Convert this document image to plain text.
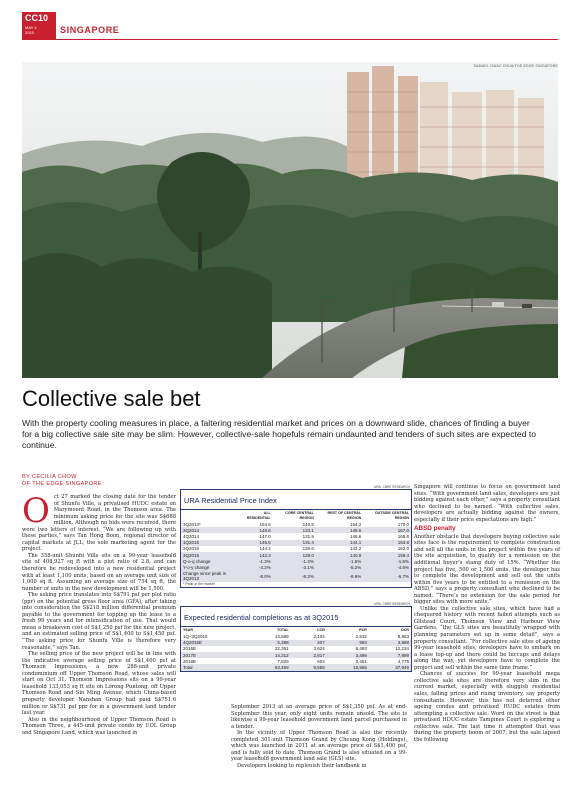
CC10
MAY 4
2015	SINGAPORE
SAMUEL ISAAC CHUA/THE EDGE SINGAPORE
Collective sale bet

With the property cooling measures in place, a faltering residential market and prices on a downward slide, chances of finding a buyer for a big collective sale site may be slim. However, collective-sale hopefuls remain undaunted and tenders of such sites are expected to continue.

BY CECILIA CHOW
OF THE EDGE SINGAPORE
O ct 27 marked the closing date for the tender of Shunfu Ville, a privatised HUDC estate on Marymount Road, in the Thomson area. The minimum asking price for the site was S$688 million. Although no bids were received, there were two letters of interest. “We are following up with these parties,” says Tan Hong Boon, regional director of capital markets at JLL, the sole marketing agent for the project.

The 358-unit Shunfu Ville sits on a 99-year leasehold site of 408,927 sq ft with a plot ratio of 2.8, and can therefore be redeveloped into a new residential project with at least 1,100 units, based on an average unit size of 1,000 sq ft. Assuming an average size of 754 sq ft, the number of units in the new development will be 1,500.

The asking price translates into S$791 psf per plot ratio (ppr) on the potential gross floor area (GFA), after taking into consideration the S$218 million differential premium payable to the government for topping up the lease to a fresh 99 years and for intensification of use. That would mean a breakeven cost of S$1,250 psf for the new project, and an estimated selling price of S$1,400 to S$1,450 psf. “The asking price for Shunfu Ville is therefore very reasonable,” says Tan.

The selling price of the new project will be in line with the indicative average selling price of S$1,400 psf at Thomson Impressions, a new 288-unit private condominium off Upper Thomson Road, whose sales will start on Oct 31. Thomson Impressions sits on a 99-year leasehold 133,053 sq ft site on Lorong Puntong, off Upper Thomson Road and Sin Ming Avenue, which China-based property developer Nanshan Group had paid S$751.6 million or S$731 psf ppr for in a government land tender last year.

Also in the neighbourhood of Upper Thomson Road is Thomson Three, a 445-unit private condo by UOL Group and Singapore Land, which was launched in

URA, CBRE RESEARCH
URA Residential Price Index
	ALL RESIDENTIAL	CORE CENTRAL REGION	REST OF CENTRAL REGION	OUTSIDE CENTRAL REGION
3Q2013*	154.6	140.5	154.2	170.0
3Q2014	148.6	133.1	148.6	167.0
4Q2014	147.0	131.9	146.6	165.6
1Q2015	145.5	131.4	144.1	163.8
2Q2015	144.2	130.6	143.2	162.0
3Q2015	142.3	129.0	140.9	159.4
Q-o-q change	-1.3%	-1.2%	-1.6%	-1.6%
Y-o-y change	-4.2%	-3.1%	-5.2%	-4.6%
Change since peak in 3Q2013	-8.0%	-8.2%	-8.6%	-6.7%
* Peak of the market
URA, CBRE RESEARCH
Expected residential completions as at 3Q2015
YEAR	TOTAL	CCR	RCR	OCR
1Q–3Q2015	13,589	2,104	2,532	8,953
4Q2015E	5,388	407	993	3,988
2016E	22,351	3,624	6,493	12,234
2017E	14,312	2,817	3,496	7,999
2018E	7,829	603	2,451	4,775
Total	63,469	9,555	15,965	37,949

September 2013 at an average price of S$1,350 psf. As at end-September this year, only eight units remain unsold. The site is likewise a 99-year leasehold government land parcel purchased in a tender.

In the vicinity of Upper Thomson Road is also the recently completed 301-unit Thomson Grand by Cheung Kong (Holdings), which was launched in 2011 at an average price of S$1,400 psf, and is fully sold to date. Thomson Grand is also situated on a 99-year leasehold government land sale (GLS) site.

Developers looking to replenish their landbank in

Singapore will continue to focus on government land sites. “With government land sales, developers are just bidding against each other,” says a property consultant who declined to be named. “With collective sales, developers are actually bidding against the owners, especially if their price expectations are high.”

ABSD penalty

Another obstacle that developers buying collective sale sites face is the requirement to complete construction and sell all the units in the project within five years of the site acquisition, to qualify for a remission on the additional buyer’s stamp duty of 15%. “Whether the project has five, 500 or 1,500 units, the developer has to complete the development and sell out the units within five years to be entitled to a remission on the ABSD,” says a property consultant who declined to be named. “There’s no extension for the sale period for bigger sites with more units.”

Unlike the collective sale sites, which have had a chequered history with recent failed attempts such as Gilstead Court, Thomson View and Harbour View Gardens, “the GLS sites are beautifully wrapped with planning parameters set up in some detail”, says a property consultant. “For collective sale sites of ageing 99-year leasehold sites, developers have to embark on a lease top-up and there could be hiccups and delays along the way, yet developers have to complete the project and sell within the same time frame.”

Chances of success for 99-year leasehold mega collective sale sites are therefore very slim in the current market, especially with sluggish residential sales, falling prices and rising inventory, say property consultants. However, this has not deterred other ageing condos and privatised HUDC estates from attempting a collective sale. Word on the street is that privatised HDUC estate Tampines Court is exploring a collective sale. The last time it attempted that was during the property boom of 2007, but the sale lapsed the following
